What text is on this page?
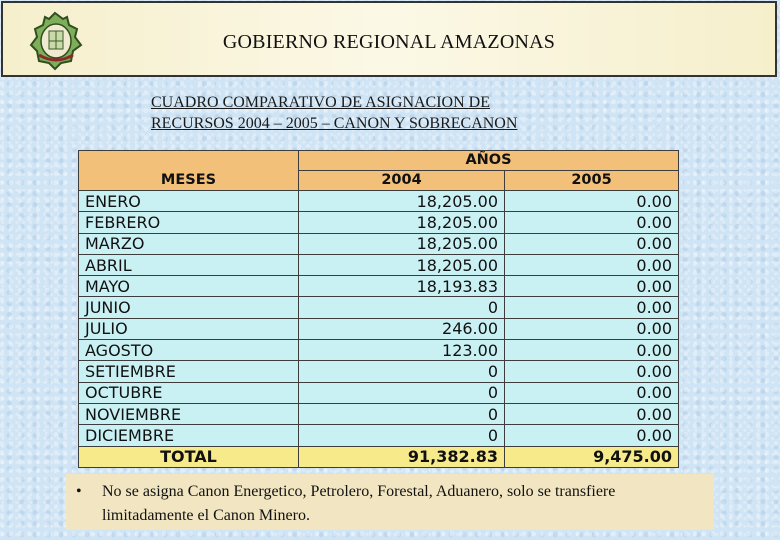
GOBIERNO REGIONAL AMAZONAS
CUADRO COMPARATIVO DE ASIGNACION DE
RECURSOS 2004 – 2005 – CANON Y SOBRECANON
MESES	AÑOS	
	2004	2005
ENERO	18,205.00	0.00
FEBRERO	18,205.00	0.00
MARZO	18,205.00	0.00
ABRIL	18,205.00	0.00
MAYO	18,193.83	0.00
JUNIO	0	0.00
JULIO	246.00	0.00
AGOSTO	123.00	0.00
SETIEMBRE	0	0.00
OCTUBRE	0	0.00
NOVIEMBRE	0	0.00
DICIEMBRE	0	0.00
TOTAL	91,382.83	9,475.00
• No se asigna Canon Energetico, Petrolero, Forestal, Aduanero, solo se transfiere limitadamente el Canon Minero.
